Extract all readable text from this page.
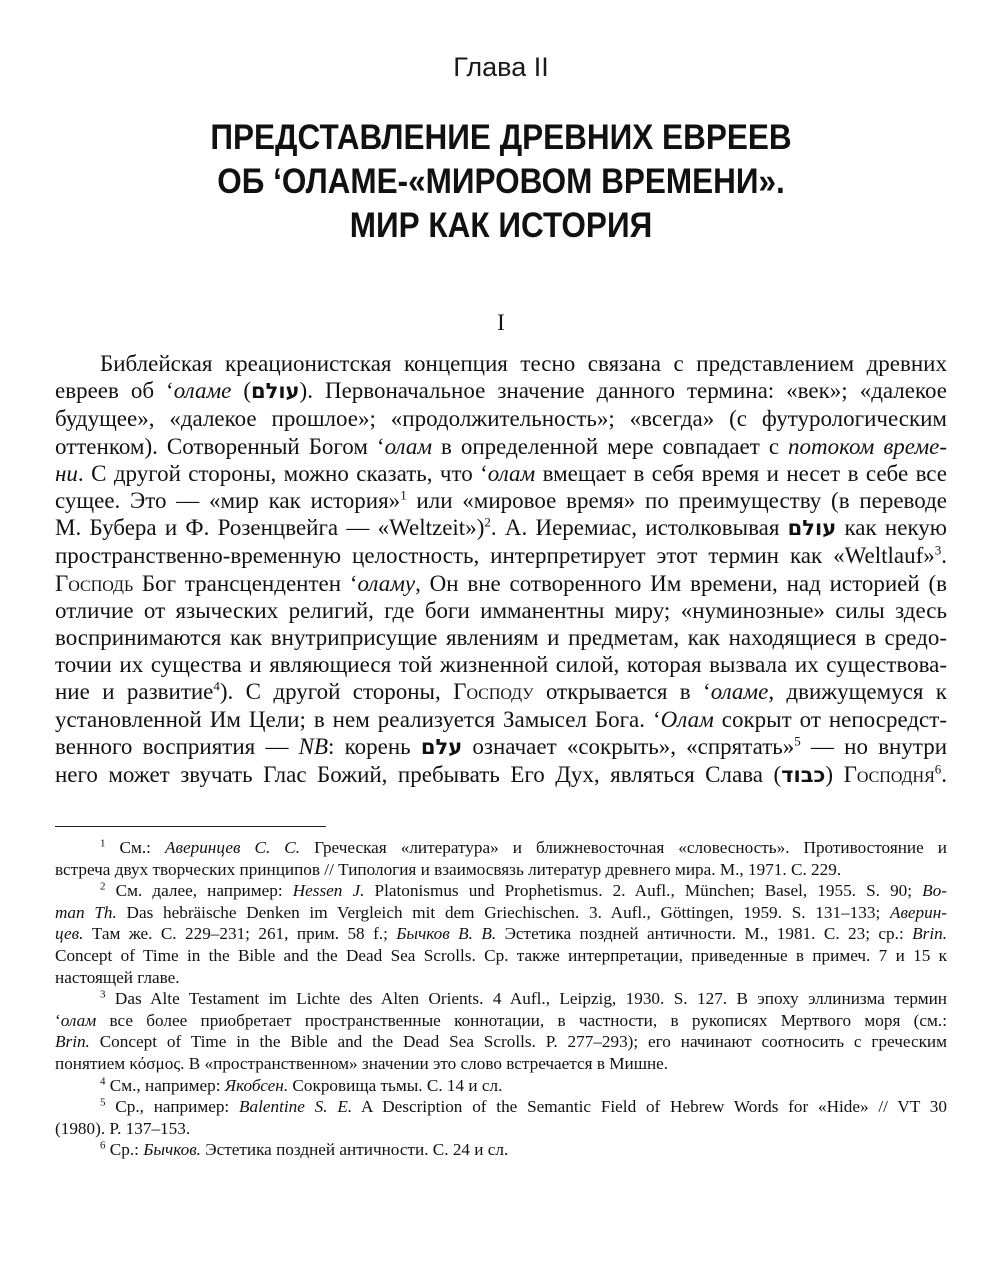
Глава II
ПРЕДСТАВЛЕНИЕ ДРЕВНИХ ЕВРЕЕВ
ОБ ‘ОЛАМЕ-«МИРОВОМ ВРЕМЕНИ».
МИР КАК ИСТОРИЯ
I
Библейская креационистская концепция тесно связана с представлением древних
евреев об ‘оламе (עולם). Первоначальное значение данного термина: «век»; «далекое
будущее», «далекое прошлое»; «продолжительность»; «всегда» (с футурологическим
оттенком). Сотворенный Богом ‘олам в определенной мере совпадает с потоком време-
ни. С другой стороны, можно сказать, что ‘олам вмещает в себя время и несет в себе все
сущее. Это — «мир как история»$^1$ или «мировое время» по преимуществу (в переводе
М. Бубера и Ф. Розенцвейга — «Weltzeit»)$^2$. А. Иеремиас, истолковывая עולם как некую
пространственно-временную целостность, интерпретирует этот термин как «Weltlauf»$^3$.
Господь Бог трансцендентен ‘оламу, Он вне сотворенного Им времени, над историей (в
отличие от языческих религий, где боги имманентны миру; «нуминозные» силы здесь
воспринимаются как внутриприсущие явлениям и предметам, как находящиеся в средо-
точии их существа и являющиеся той жизненной силой, которая вызвала их существова-
ние и развитие$^4$). С другой стороны, Господу открывается в ‘оламе, движущемуся к
установленной Им Цели; в нем реализуется Замысел Бога. ‘Олам сокрыт от непосредст-
венного восприятия — NB: корень עלם означает «сокрыть», «спрятать»$^5$ — но внутри
него может звучать Глас Божий, пребывать Его Дух, являться Слава (כבוד) Господня$^6$.
$^1$ См.: Аверинцев С. С. Греческая «литература» и ближневосточная «словесность». Противостояние и
встреча двух творческих принципов // Типология и взаимосвязь литератур древнего мира. М., 1971. С. 229.
$^2$ См. далее, например: Hessen J. Platonismus und Prophetismus. 2. Aufl., München; Basel, 1955. S. 90; Bo-
man Th. Das hebräische Denken im Vergleich mit dem Griechischen. 3. Aufl., Göttingen, 1959. S. 131–133; Аверин-
цев. Там же. С. 229–231; 261, прим. 58 f.; Бычков В. В. Эстетика поздней античности. М., 1981. С. 23; ср.: Brin.
Concept of Time in the Bible and the Dead Sea Scrolls. Ср. также интерпретации, приведенные в примеч. 7 и 15 к
настоящей главе.
$^3$ Das Alte Testament im Lichte des Alten Orients. 4 Aufl., Leipzig, 1930. S. 127. В эпоху эллинизма термин
‘олам все более приобретает пространственные коннотации, в частности, в рукописях Мертвого моря (см.:
Brin. Concept of Time in the Bible and the Dead Sea Scrolls. P. 277–293); его начинают соотносить с греческим
понятием κόσμος. В «пространственном» значении это слово встречается в Мишне.
$^4$ См., например: Якобсен. Сокровища тьмы. С. 14 и сл.
$^5$ Ср., например: Balentine S. E. A Description of the Semantic Field of Hebrew Words for «Hide» // VT 30
(1980). P. 137–153.
$^6$ Ср.: Бычков. Эстетика поздней античности. С. 24 и сл.
